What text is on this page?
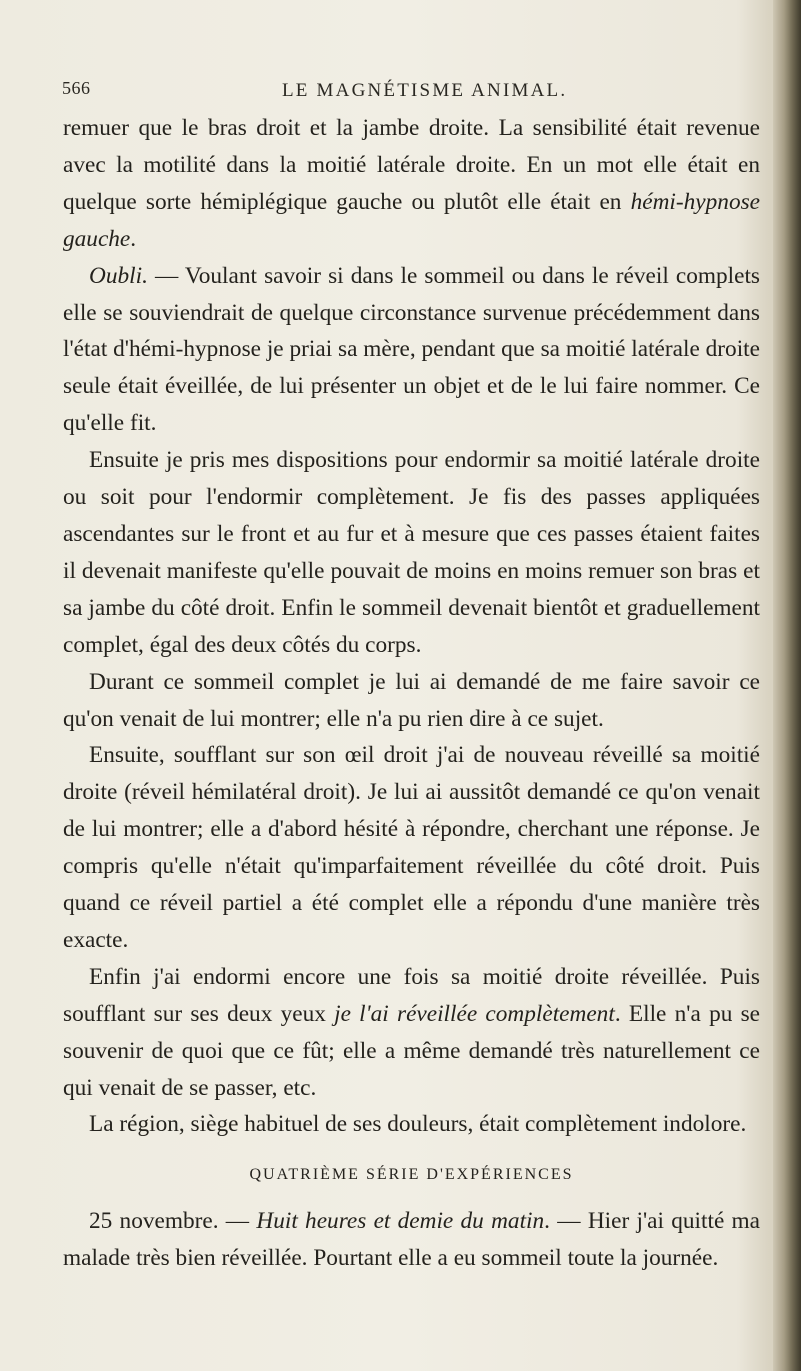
566	LE MAGNÉTISME ANIMAL.

remuer que le bras droit et la jambe droite. La sensibilité était revenue avec la motilité dans la moitié latérale droite. En un mot elle était en quelque sorte hémiplégique gauche ou plutôt elle était en hémi-hypnose gauche.

Oubli. — Voulant savoir si dans le sommeil ou dans le réveil complets elle se souviendrait de quelque circonstance survenue précédemment dans l'état d'hémi-hypnose je priai sa mère, pendant que sa moitié latérale droite seule était éveillée, de lui présenter un objet et de le lui faire nommer. Ce qu'elle fit.

Ensuite je pris mes dispositions pour endormir sa moitié latérale droite ou soit pour l'endormir complètement. Je fis des passes appliquées ascendantes sur le front et au fur et à mesure que ces passes étaient faites il devenait manifeste qu'elle pouvait de moins en moins remuer son bras et sa jambe du côté droit. Enfin le sommeil devenait bientôt et graduellement complet, égal des deux côtés du corps.

Durant ce sommeil complet je lui ai demandé de me faire savoir ce qu'on venait de lui montrer; elle n'a pu rien dire à ce sujet.

Ensuite, soufflant sur son œil droit j'ai de nouveau réveillé sa moitié droite (réveil hémilatéral droit). Je lui ai aussitôt demandé ce qu'on venait de lui montrer; elle a d'abord hésité à répondre, cherchant une réponse. Je compris qu'elle n'était qu'imparfaitement réveillée du côté droit. Puis quand ce réveil partiel a été complet elle a répondu d'une manière très exacte.

Enfin j'ai endormi encore une fois sa moitié droite réveillée. Puis soufflant sur ses deux yeux je l'ai réveillée complètement. Elle n'a pu se souvenir de quoi que ce fût; elle a même demandé très naturellement ce qui venait de se passer, etc.

La région, siège habituel de ses douleurs, était complètement indolore.

QUATRIÈME SÉRIE D'EXPÉRIENCES

25 novembre. — Huit heures et demie du matin. — Hier j'ai quitté ma malade très bien réveillée. Pourtant elle a eu sommeil toute la journée.
